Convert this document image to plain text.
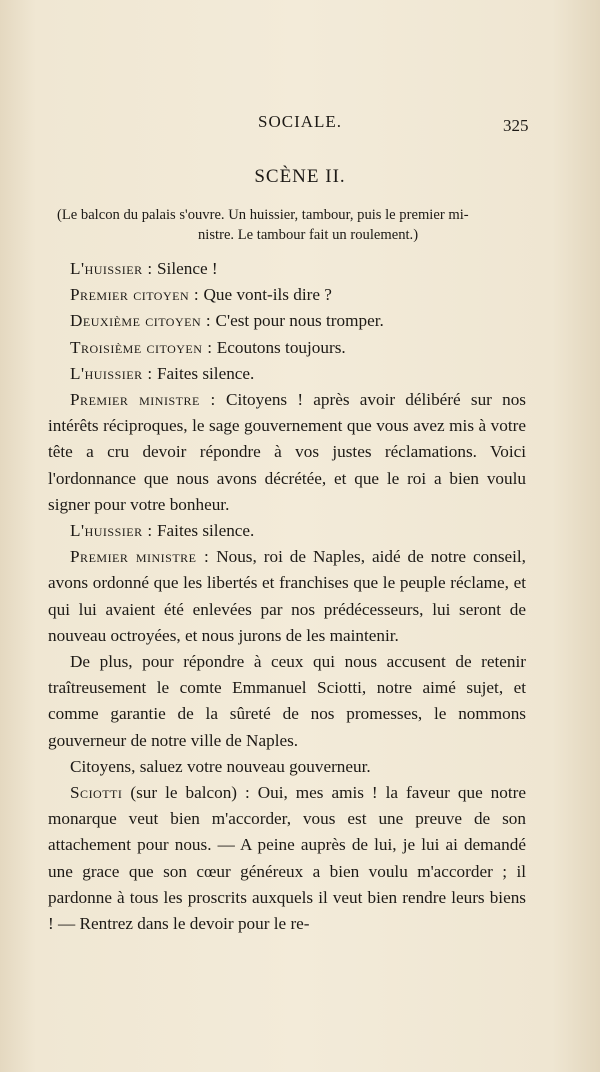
SOCIALE.	325
SCÈNE II.
(Le balcon du palais s'ouvre. Un huissier, tambour, puis le premier mi-
nistre. Le tambour fait un roulement.)

L'huissier : Silence !

Premier citoyen : Que vont-ils dire ?

Deuxième citoyen : C'est pour nous tromper.

Troisième citoyen : Ecoutons toujours.

L'huissier : Faites silence.

Premier ministre : Citoyens ! après avoir délibéré sur nos intérêts réciproques, le sage gouvernement que vous avez mis à votre tête a cru devoir répondre à vos justes réclamations. Voici l'ordonnance que nous avons décrétée, et que le roi a bien voulu signer pour votre bonheur.

L'huissier : Faites silence.

Premier ministre : Nous, roi de Naples, aidé de notre conseil, avons ordonné que les libertés et franchises que le peuple réclame, et qui lui avaient été enlevées par nos prédécesseurs, lui seront de nouveau octroyées, et nous jurons de les maintenir.

De plus, pour répondre à ceux qui nous accusent de retenir traîtreusement le comte Emmanuel Sciotti, notre aimé sujet, et comme garantie de la sûreté de nos promesses, le nommons gouverneur de notre ville de Naples.

Citoyens, saluez votre nouveau gouverneur.

Sciotti (sur le balcon) : Oui, mes amis ! la faveur que notre monarque veut bien m'accorder, vous est une preuve de son attachement pour nous. — A peine auprès de lui, je lui ai demandé une grace que son cœur généreux a bien voulu m'accorder ; il pardonne à tous les proscrits auxquels il veut bien rendre leurs biens ! — Rentrez dans le devoir pour le re-
